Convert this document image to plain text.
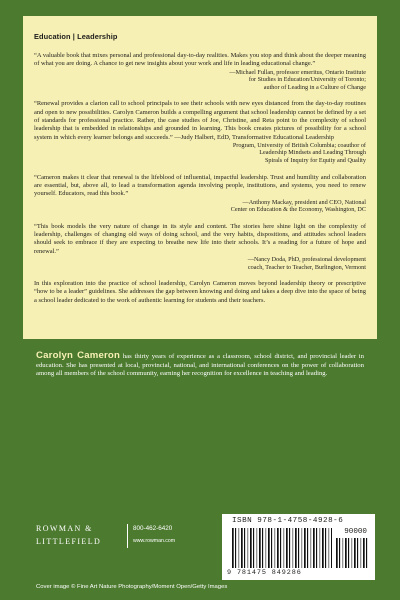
Education | Leadership
“A valuable book that mixes personal and professional day-to-day realities. Makes you stop and think about the deeper meaning of what you are doing. A chance to get new insights about your work and life in leading educational change.”
—Michael Fullan, professor emeritus, Ontario Institute
for Studies in Education/University of Toronto;
author of Leading in a Culture of Change
“Renewal provides a clarion call to school principals to see their schools with new eyes distanced from the day-to-day routines and open to new possibilities. Carolyn Cameron builds a compelling argument that school leadership cannot be defined by a set of standards for professional practice. Rather, the case studies of Joe, Christine, and Reta point to the complexity of school leadership that is embedded in relationships and grounded in learning. This book creates pictures of possibility for a school system in which every learner belongs and succeeds.” —Judy Halbert, EdD, Transformative Educational Leadership
Program, University of British Columbia; coauthor of
Leadership Mindsets and Leading Through
Spirals of Inquiry for Equity and Quality
“Cameron makes it clear that renewal is the lifeblood of influential, impactful leadership. Trust and humility and collaboration are essential, but, above all, to lead a transformation agenda involving people, institutions, and systems, you need to renew yourself. Educators, read this book.”
—Anthony Mackay, president and CEO, National
Center on Education & the Economy, Washington, DC
“This book models the very nature of change in its style and content. The stories here shine light on the complexity of leadership, challenges of changing old ways of doing school, and the very habits, dispositions, and attitudes school leaders should seek to embrace if they are expecting to breathe new life into their schools. It’s a reading for a future of hope and renewal.”
—Nancy Doda, PhD, professional development
coach, Teacher to Teacher, Burlington, Vermont

In this exploration into the practice of school leadership, Carolyn Cameron moves beyond leadership theory or prescriptive “how to be a leader” guidelines. She addresses the gap between knowing and doing and takes a deep dive into the space of being a school leader dedicated to the work of authentic learning for students and their teachers.

Carolyn Cameron has thirty years of experience as a classroom, school district, and provincial leader in education. She has presented at local, provincial, national, and international conferences on the power of collaboration among all members of the school community, earning her recognition for excellence in teaching and leading.
ROWMAN &
LITTLEFIELD
800-462-6420
www.rowman.com
ISBN 978-1-4758-4928-6
90000
9 781475 849286
Cover image © Fine Art Nature Photography/Moment Open/Getty Images
